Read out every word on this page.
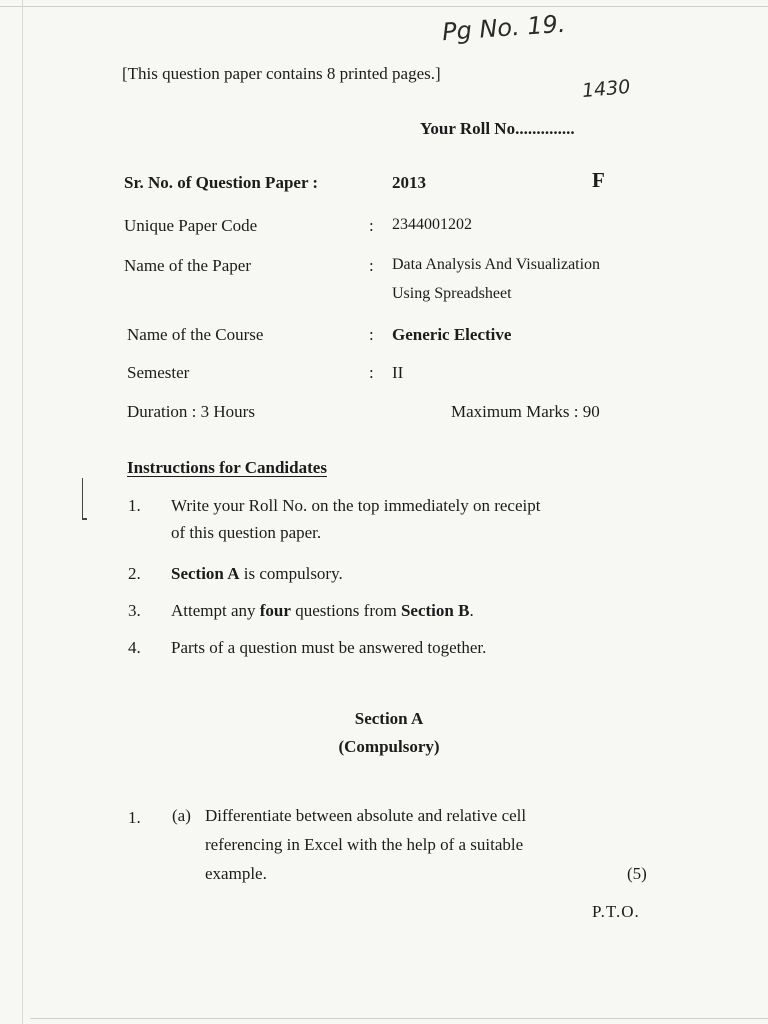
Pg No. 19.
1430
[This question paper contains 8 printed pages.]
Your Roll No..............
Sr. No. of Question Paper :	2013	F
Unique Paper Code	: 2344001202
Name of the Paper	: Data Analysis And Visualization
Using Spreadsheet
Name of the Course	: Generic Elective
Semester	: II
Duration : 3 Hours	Maximum Marks : 90
Instructions for Candidates
1. Write your Roll No. on the top immediately on receipt
of this question paper.
2. Section A is compulsory.
3. Attempt any four questions from Section B.
4. Parts of a question must be answered together.
Section A
(Compulsory)
1. (a) Differentiate between absolute and relative cell
referencing in Excel with the help of a suitable
example.	(5)
P.T.O.
